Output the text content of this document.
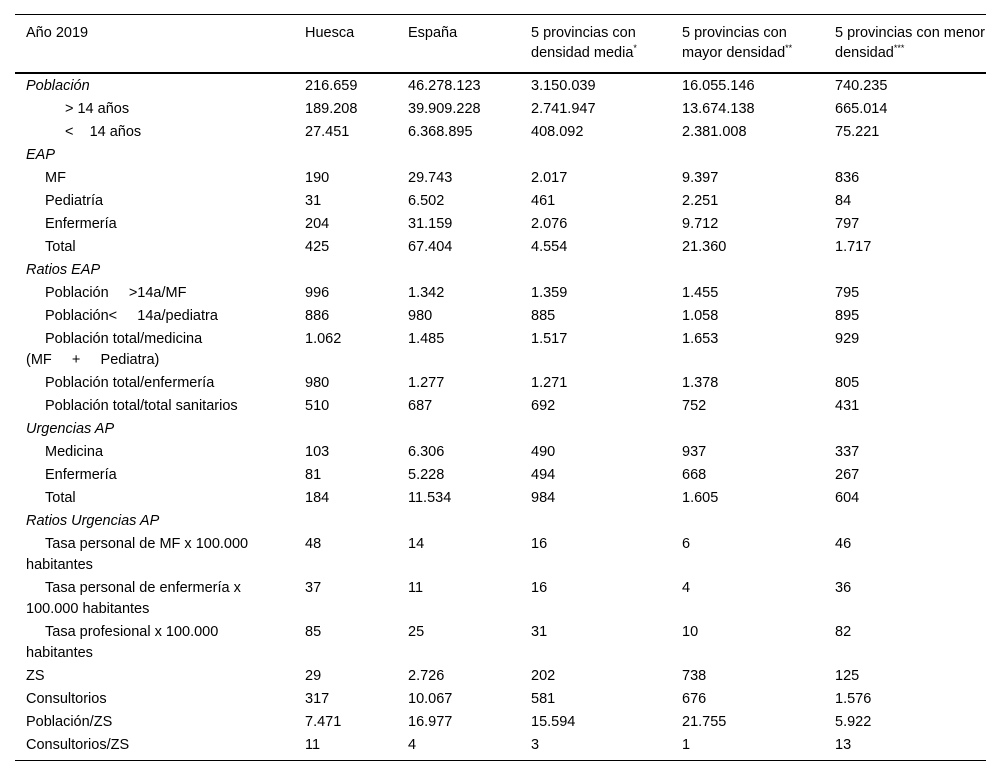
Año 2019	Huesca	España	5 provincias con densidad media*	5 provincias con mayor densidad**	5 provincias con menor densidad***
Población	216.659	46.278.123	3.150.039	16.055.146	740.235
> 14 años	189.208	39.909.228	2.741.947	13.674.138	665.014
<    14 años	27.451	6.368.895	408.092	2.381.008	75.221
EAP					
MF	190	29.743	2.017	9.397	836
Pediatría	31	6.502	461	2.251	84
Enfermería	204	31.159	2.076	9.712	797
Total	425	67.404	4.554	21.360	1.717
Ratios EAP					
Población     >14a/MF	996	1.342	1.359	1.455	795
Población<     14a/pediatra	886	980	885	1.058	895
Población total/medicina (MF     +     Pediatra)	1.062	1.485	1.517	1.653	929
Población total/enfermería	980	1.277	1.271	1.378	805
Población total/total sanitarios	510	687	692	752	431
Urgencias AP					
Medicina	103	6.306	490	937	337
Enfermería	81	5.228	494	668	267
Total	184	11.534	984	1.605	604
Ratios Urgencias AP					
Tasa personal de MF x 100.000 habitantes	48	14	16	6	46
Tasa personal de enfermería x 100.000 habitantes	37	11	16	4	36
Tasa profesional x 100.000 habitantes	85	25	31	10	82
ZS	29	2.726	202	738	125
Consultorios	317	10.067	581	676	1.576
Población/ZS	7.471	16.977	15.594	21.755	5.922
Consultorios/ZS	11	4	3	1	13
